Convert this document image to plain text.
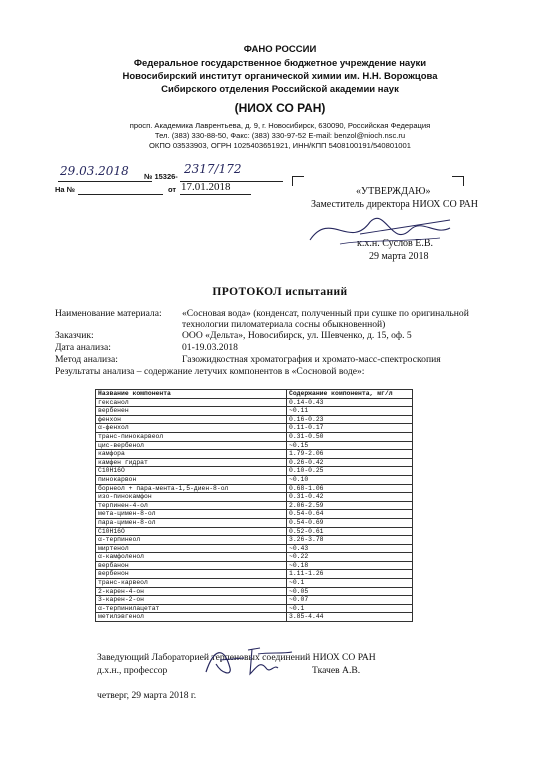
ФАНО РОССИИ
Федеральное государственное бюджетное учреждение науки
Новосибирский институт органической химии им. Н.Н. Ворожцова
Сибирского отделения Российской академии наук
(НИОХ СО РАН)
просп. Академика Лаврентьева, д. 9, г. Новосибирск, 630090, Российская Федерация
Тел. (383) 330-88-50, Факс: (383) 330-97-52 E-mail: benzol@nioch.nsc.ru
ОКПО 03533903, ОГРН 1025403651921, ИНН/КПП 5408100191/540801001
29.03.2018 № 15326-
2317/172
На №	от 17.01.2018	«УТВЕРЖДАЮ»
Заместитель директора НИОХ СО РАН
к.х.н. Суслов Е.В.
29 марта 2018
ПРОТОКОЛ испытаний
Наименование материала: «Сосновая вода» (конденсат, полученный при сушке по оригинальной
технологии пиломатериала сосны обыкновенной)
Заказчик:	ООО «Дельта», Новосибирск, ул. Шевченко, д. 15, оф. 5
Дата анализа:	01-19.03.2018
Метод анализа:	Газожидкостная хроматография и хромато-масс-спектроскопия
Результаты анализа – содержание летучих компонентов в «Сосновой воде»:
Название компонента	Содержание компонента, мг/л
гексанол	0.14-0.43
вербенен	~0.11
фенхон	0.16-0.23
α-фенхол	0.11-0.17
транс-пинокарвеол	0.31-0.50
цис-вербенол	~0.15
камфора	1.79-2.06
камфен гидрат	0.26-0.42
C10H16O	0.10-0.25
пинокарвон	~0.10
борнеол + пара-мента-1,5-диен-8-ол	0.68-1.06
изо-пинокамфон	0.31-0.42
терпинен-4-ол	2.06-2.59
мета-цимен-8-ол	0.54-0.64
пара-цимен-8-ол	0.54-0.69
C10H16O	0.52-0.61
α-терпинеол	3.26-3.78
миртенол	~0.43
α-камфоленол	~0.22
вербанон	~0.18
вербенон	1.11-1.26
транс-карвеол	~0.1
2-карен-4-он	~0.05
3-карен-2-он	~0.07
α-терпинилацетат	~0.1
метилэвгенол	3.85-4.44
Заведующий Лабораторией терпеновых соединений НИОХ СО РАН
д.х.н., профессор	Ткачев А.В.
четверг, 29 марта 2018 г.
